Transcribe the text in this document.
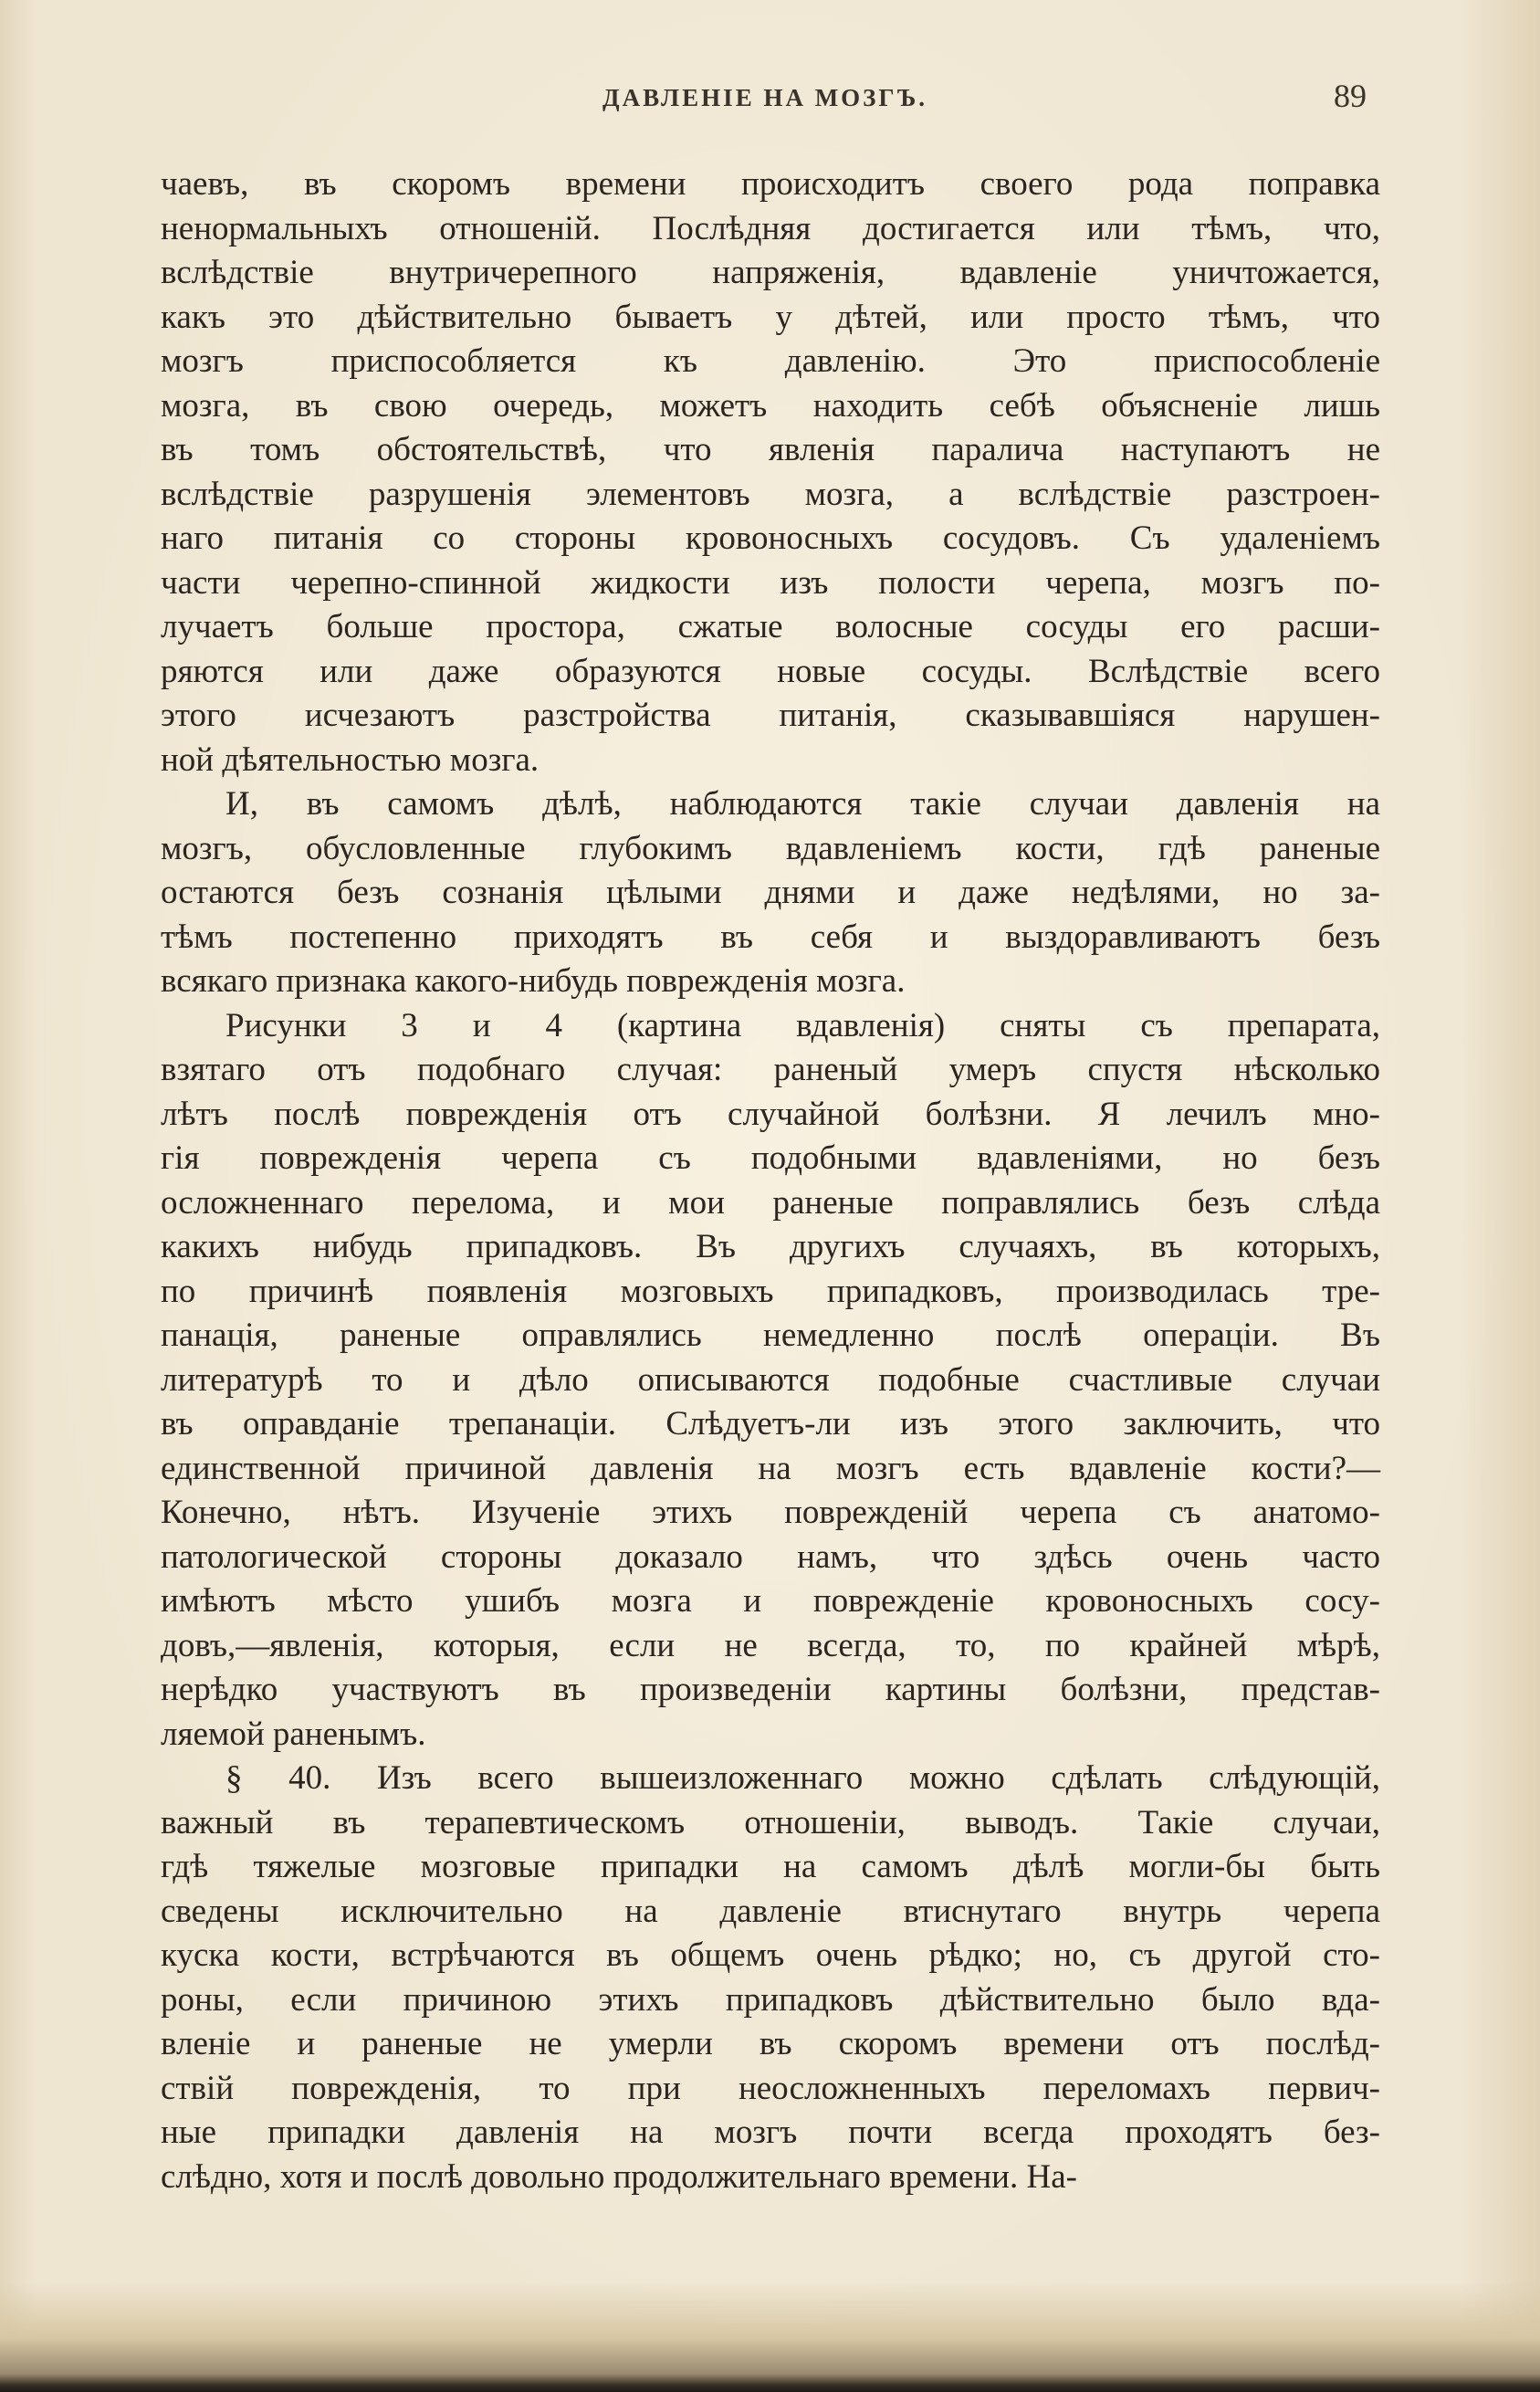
ДАВЛЕНІЕ НА МОЗГЪ.	89
чаевъ, въ скоромъ времени происходитъ своего рода поправка
ненормальныхъ отношеній. Послѣдняя достигается или тѣмъ, что,
вслѣдствіе внутричерепного напряженія, вдавленіе уничтожается,
какъ это дѣйствительно бываетъ у дѣтей, или просто тѣмъ, что
мозгъ приспособляется къ давленію. Это приспособленіе
мозга, въ свою очередь, можетъ находить себѣ объясненіе лишь
въ томъ обстоятельствѣ, что явленія паралича наступаютъ не
вслѣдствіе разрушенія элементовъ мозга, а вслѣдствіе разстроен-
наго питанія со стороны кровоносныхъ сосудовъ. Съ удаленіемъ
части черепно-спинной жидкости изъ полости черепа, мозгъ по-
лучаетъ больше простора, сжатые волосные сосуды его расши-
ряются или даже образуются новые сосуды. Вслѣдствіе всего
этого исчезаютъ разстройства питанія, сказывавшіяся нарушен-
ной дѣятельностью мозга.
И, въ самомъ дѣлѣ, наблюдаются такіе случаи давленія на
мозгъ, обусловленные глубокимъ вдавленіемъ кости, гдѣ раненые
остаются безъ сознанія цѣлыми днями и даже недѣлями, но за-
тѣмъ постепенно приходятъ въ себя и выздоравливаютъ безъ
всякаго признака какого-нибудь поврежденія мозга.
Рисунки 3 и 4 (картина вдавленія) сняты съ препарата,
взятаго отъ подобнаго случая: раненый умеръ спустя нѣсколько
лѣтъ послѣ поврежденія отъ случайной болѣзни. Я лечилъ мно-
гія поврежденія черепа съ подобными вдавленіями, но безъ
осложненнаго перелома, и мои раненые поправлялись безъ слѣда
какихъ нибудь припадковъ. Въ другихъ случаяхъ, въ которыхъ,
по причинѣ появленія мозговыхъ припадковъ, производилась тре-
панація, раненые оправлялись немедленно послѣ операціи. Въ
литературѣ то и дѣло описываются подобные счастливые случаи
въ оправданіе трепанаціи. Слѣдуетъ-ли изъ этого заключить, что
единственной причиной давленія на мозгъ есть вдавленіе кости?—
Конечно, нѣтъ. Изученіе этихъ поврежденій черепа съ анатомо-
патологической стороны доказало намъ, что здѣсь очень часто
имѣютъ мѣсто ушибъ мозга и поврежденіе кровоносныхъ сосу-
довъ,—явленія, которыя, если не всегда, то, по крайней мѣрѣ,
нерѣдко участвуютъ въ произведеніи картины болѣзни, представ-
ляемой раненымъ.
§ 40. Изъ всего вышеизложеннаго можно сдѣлать слѣдующій,
важный въ терапевтическомъ отношеніи, выводъ. Такіе случаи,
гдѣ тяжелые мозговые припадки на самомъ дѣлѣ могли-бы быть
сведены исключительно на давленіе втиснутаго внутрь черепа
куска кости, встрѣчаются въ общемъ очень рѣдко; но, съ другой сто-
роны, если причиною этихъ припадковъ дѣйствительно было вда-
вленіе и раненые не умерли въ скоромъ времени отъ послѣд-
ствій поврежденія, то при неосложненныхъ переломахъ первич-
ные припадки давленія на мозгъ почти всегда проходятъ без-
слѣдно, хотя и послѣ довольно продолжительнаго времени. На-
